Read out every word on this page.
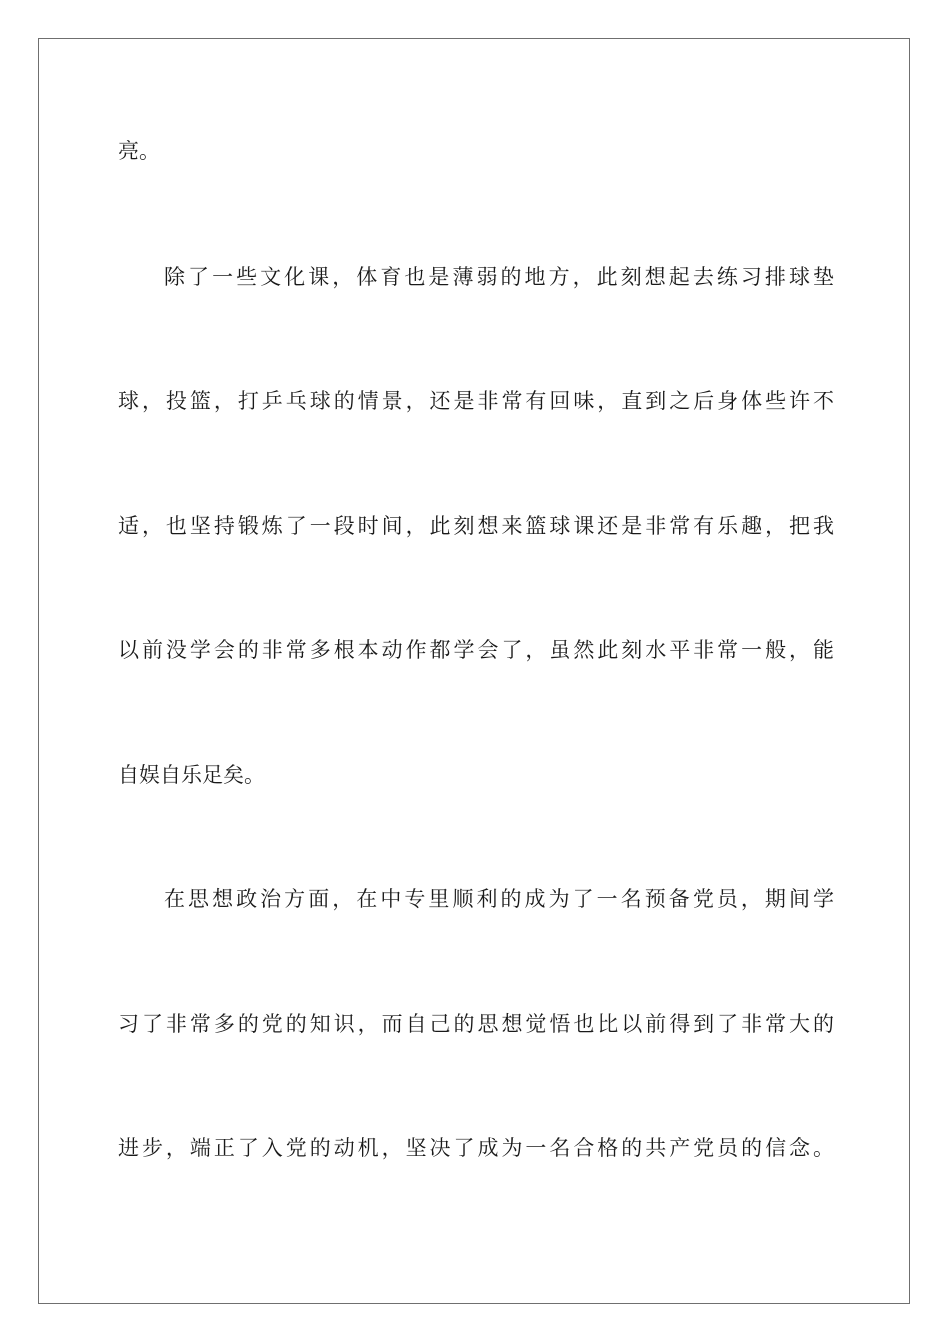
亮。
除了一些文化课，体育也是薄弱的地方，此刻想起去练习排球垫
球，投篮，打乒乓球的情景，还是非常有回味，直到之后身体些许不
适，也坚持锻炼了一段时间，此刻想来篮球课还是非常有乐趣，把我
以前没学会的非常多根本动作都学会了，虽然此刻水平非常一般，能
自娱自乐足矣。
在思想政治方面，在中专里顺利的成为了一名预备党员，期间学
习了非常多的党的知识，而自己的思想觉悟也比以前得到了非常大的
进步，端正了入党的动机，坚决了成为一名合格的共产党员的信念。
